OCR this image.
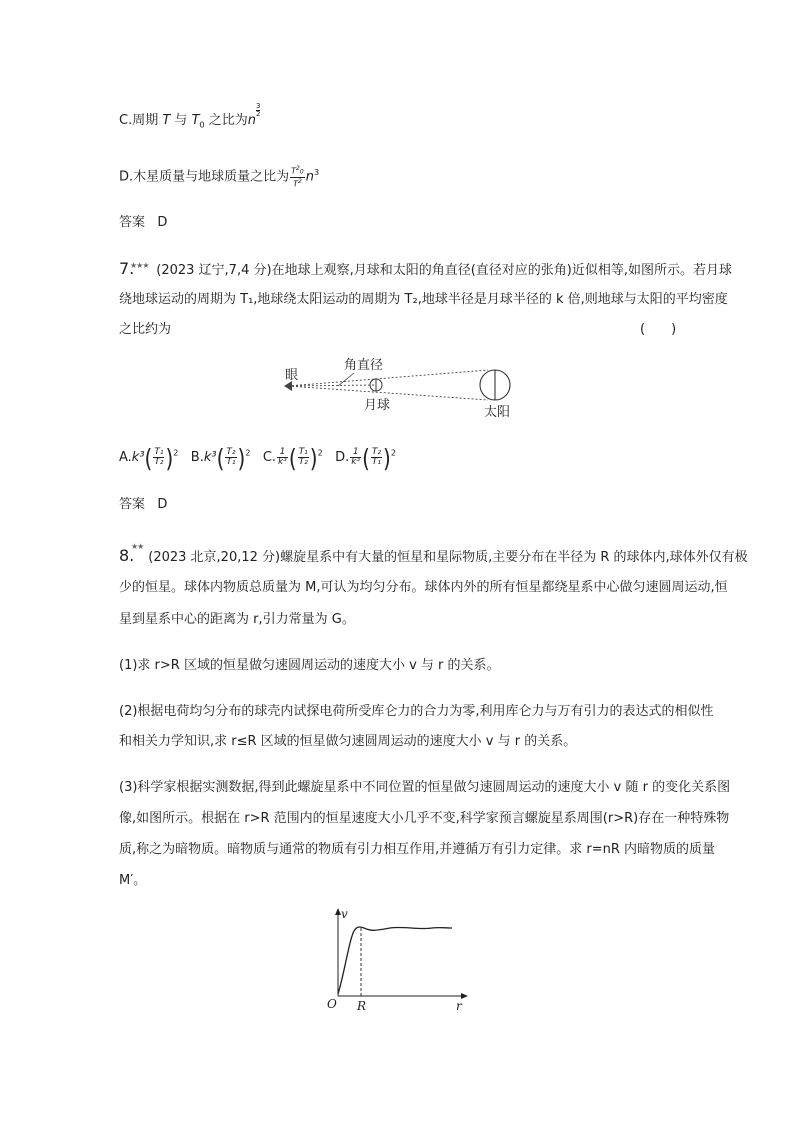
C.周期 T 与 $T_0$ 之比为n
$\frac{3}{2}$
D.木星质量与地球质量之比为 $\frac{T^20}{T^2} n^3$
答案 D
★★★
7. (2023 辽宁,7,4 分)在地球上观察,月球和太阳的角直径(直径对应的张角)近似相等,如图所示。若月球
绕地球运动的周期为 T₁,地球绕太阳运动的周期为 T₂,地球半径是月球半径的 k 倍,则地球与太阳的平均密度
之比约为	(　　)
眼
角直径
月球	太阳
$A.k^3( \frac{\text{T₁}}{\text{T₂}} )^2$ $B.k^3( \frac{\text{T₂}}{\text{T₁}} )^2$ C. $\frac{1}{\text{k³}}$ ( $\frac{\text{T₁}}{\text{T₂}} )^2$ D. $\frac{1}{\text{k³}}$ ( $\frac{\text{T₂}}{\text{T₁}} )^2$
答案 D
★★
8. (2023 北京,20,12 分)螺旋星系中有大量的恒星和星际物质,主要分布在半径为 R 的球体内,球体外仅有极
少的恒星。球体内物质总质量为 M,可认为均匀分布。球体内外的所有恒星都绕星系中心做匀速圆周运动,恒
星到星系中心的距离为 r,引力常量为 G。
(1)求 r>R 区域的恒星做匀速圆周运动的速度大小 v 与 r 的关系。
(2)根据电荷均匀分布的球壳内试探电荷所受库仑力的合力为零,利用库仑力与万有引力的表达式的相似性
和相关力学知识,求 r≤R 区域的恒星做匀速圆周运动的速度大小 v 与 r 的关系。
(3)科学家根据实测数据,得到此螺旋星系中不同位置的恒星做匀速圆周运动的速度大小 v 随 r 的变化关系图
像,如图所示。根据在 r>R 范围内的恒星速度大小几乎不变,科学家预言螺旋星系周围(r>R)存在一种特殊物
质,称之为暗物质。暗物质与通常的物质有引力相互作用,并遵循万有引力定律。求 r=nR 内暗物质的质量
M′。
v
O R	r
